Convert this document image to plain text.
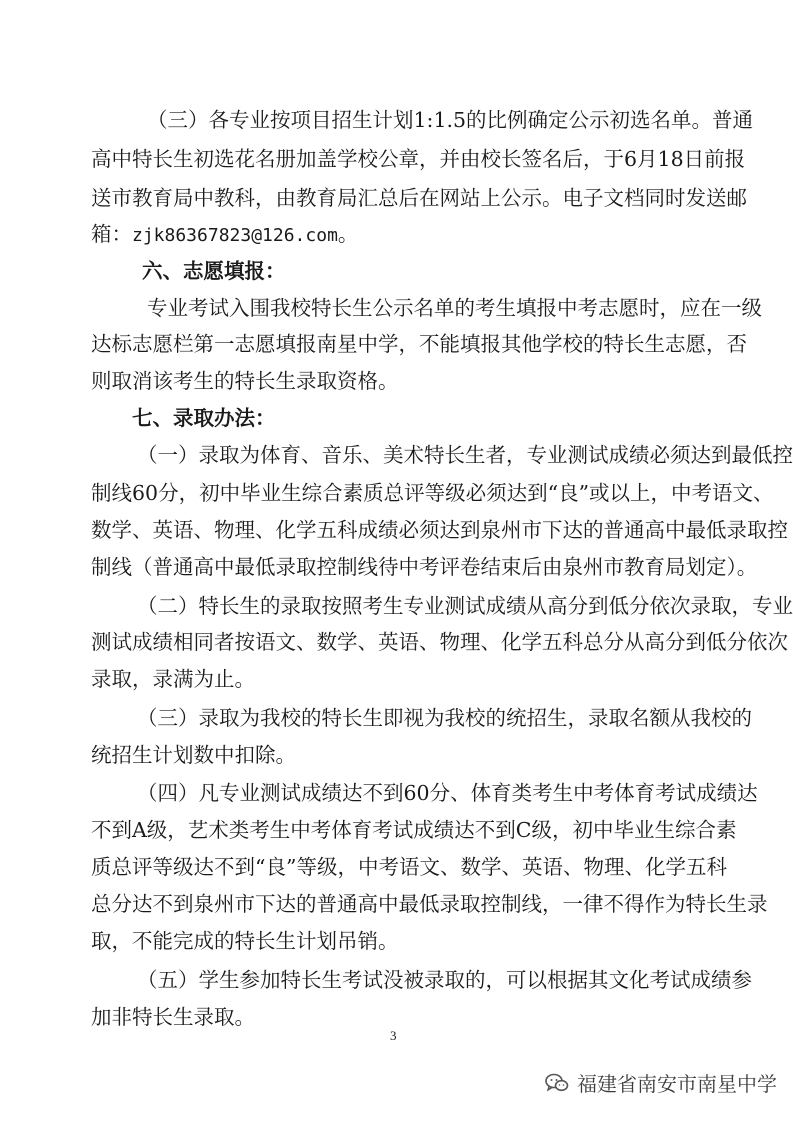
（三）各专业按项目招生计划1:1.5的比例确定公示初选名单。普通
高中特长生初选花名册加盖学校公章，并由校长签名后，于6月18日前报
送市教育局中教科，由教育局汇总后在网站上公示。电子文档同时发送邮
箱：zjk86367823@126.com。
六、志愿填报：
专业考试入围我校特长生公示名单的考生填报中考志愿时，应在一级
达标志愿栏第一志愿填报南星中学，不能填报其他学校的特长生志愿，否
则取消该考生的特长生录取资格。
七、录取办法：
（一）录取为体育、音乐、美术特长生者，专业测试成绩必须达到最低控
制线60分，初中毕业生综合素质总评等级必须达到“良”或以上，中考语文、
数学、英语、物理、化学五科成绩必须达到泉州市下达的普通高中最低录取控
制线（普通高中最低录取控制线待中考评卷结束后由泉州市教育局划定）。
（二）特长生的录取按照考生专业测试成绩从高分到低分依次录取，专业
测试成绩相同者按语文、数学、英语、物理、化学五科总分从高分到低分依次
录取，录满为止。
（三）录取为我校的特长生即视为我校的统招生，录取名额从我校的
统招生计划数中扣除。
（四）凡专业测试成绩达不到60分、体育类考生中考体育考试成绩达
不到A级，艺术类考生中考体育考试成绩达不到C级，初中毕业生综合素
质总评等级达不到“良”等级，中考语文、数学、英语、物理、化学五科
总分达不到泉州市下达的普通高中最低录取控制线，一律不得作为特长生录
取，不能完成的特长生计划吊销。
（五）学生参加特长生考试没被录取的，可以根据其文化考试成绩参
加非特长生录取。
3
福建省南安市南星中学
